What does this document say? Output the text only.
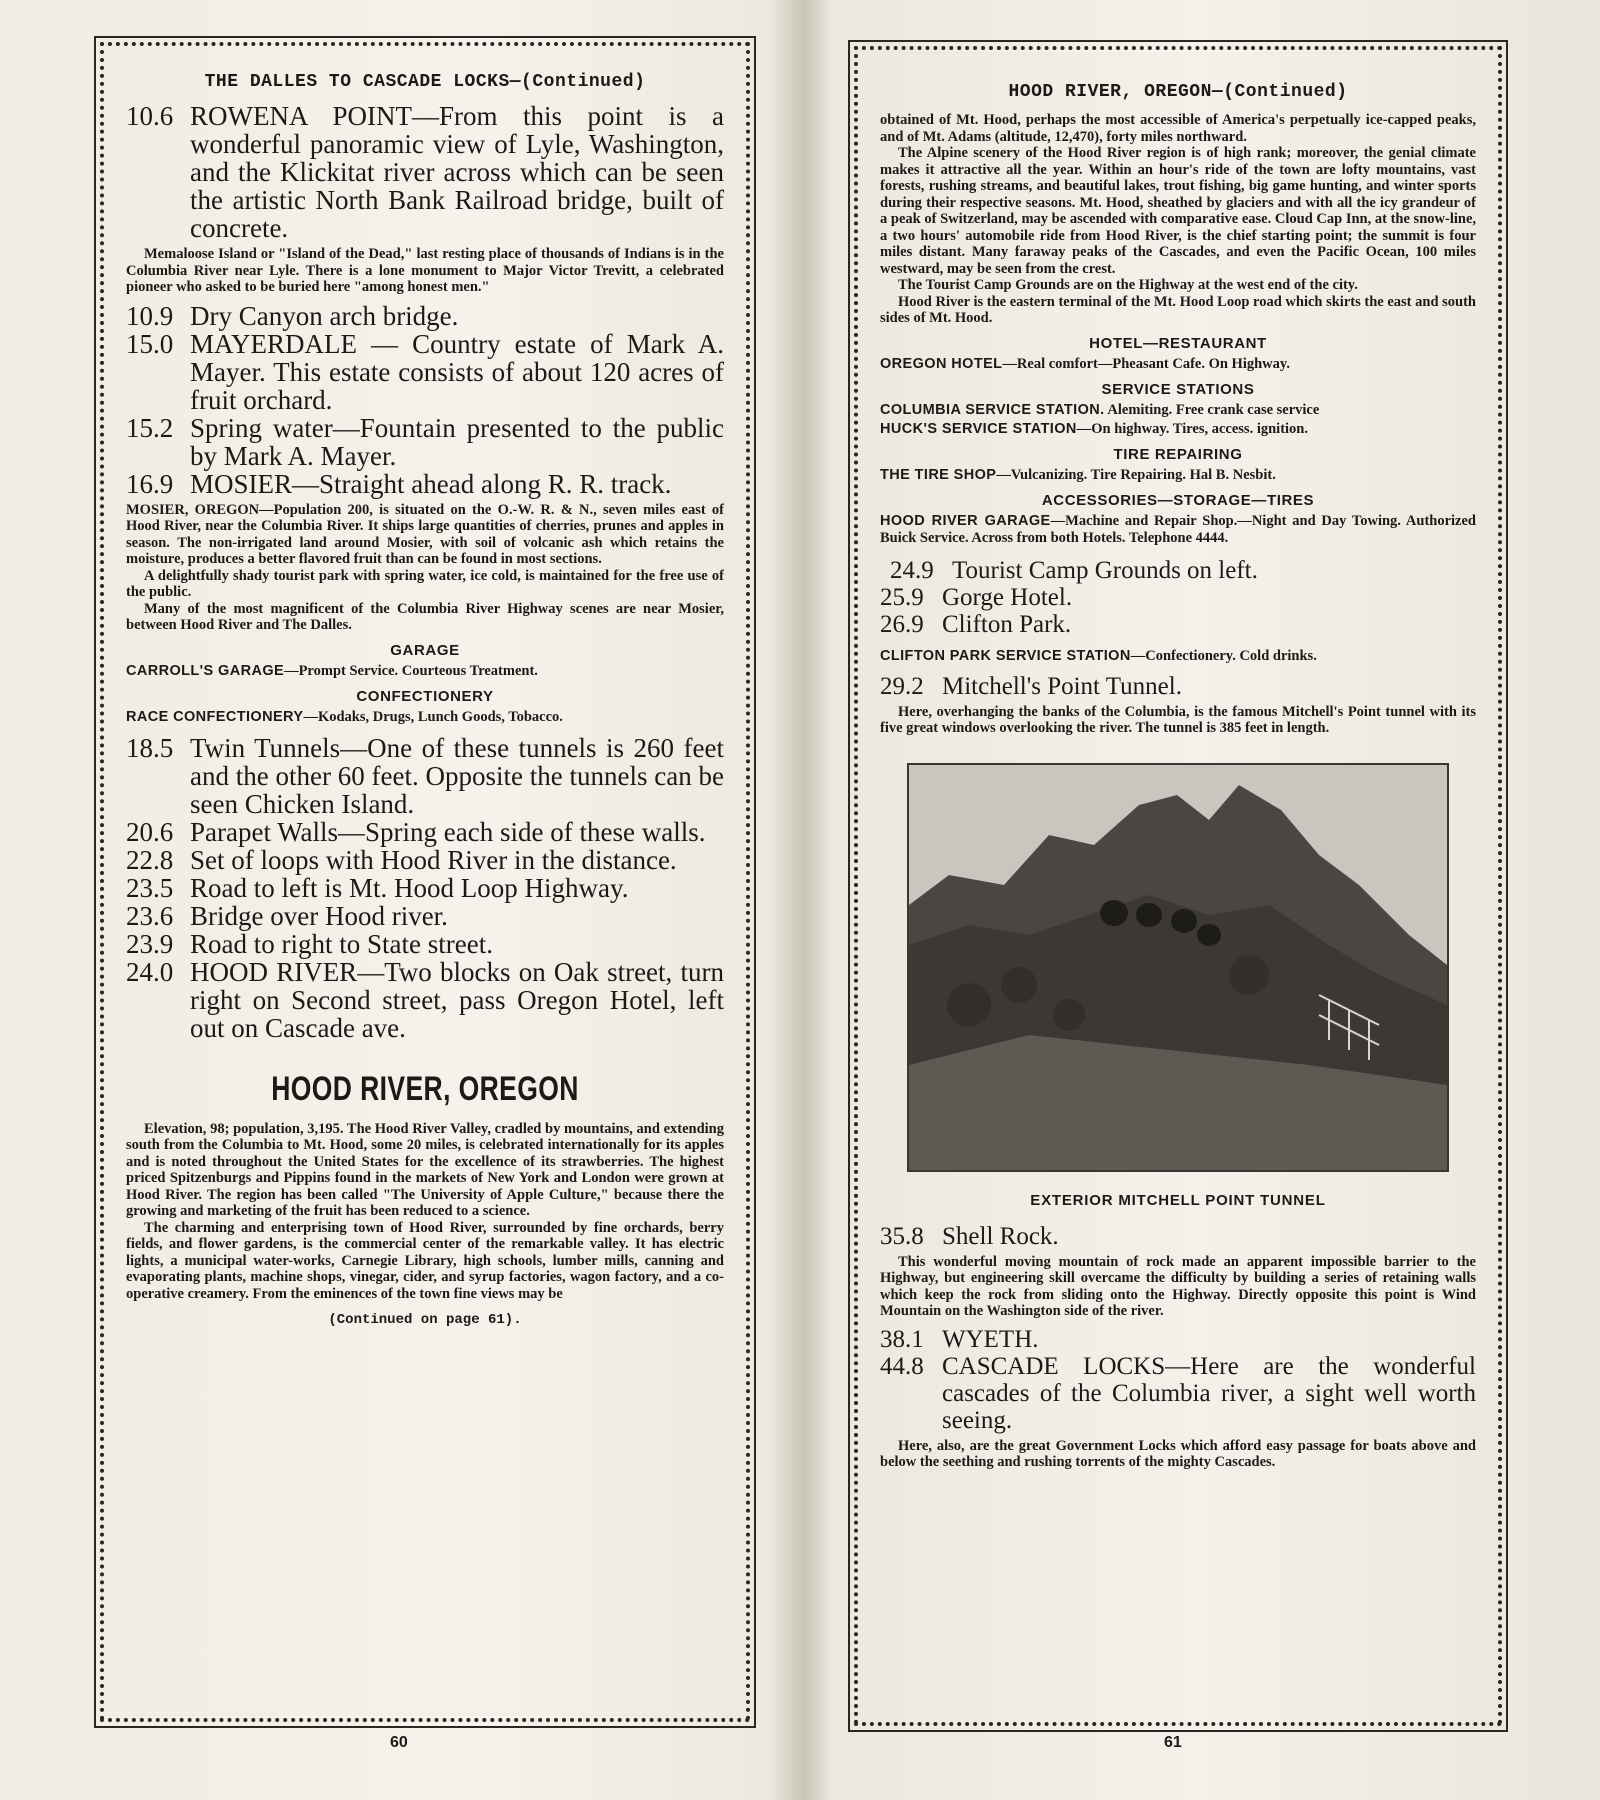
THE DALLES TO CASCADE LOCKS—(Continued)
10.6 ROWENA POINT—From this point is a wonderful panoramic view of Lyle, Washington, and the Klickitat river across which can be seen the artistic North Bank Railroad bridge, built of concrete.
Memaloose Island or "Island of the Dead," last resting place of thousands of Indians is in the Columbia River near Lyle. There is a lone monument to Major Victor Trevitt, a celebrated pioneer who asked to be buried here "among honest men."
10.9 Dry Canyon arch bridge.
15.0 MAYERDALE — Country estate of Mark A. Mayer. This estate consists of about 120 acres of fruit orchard.
15.2 Spring water—Fountain presented to the public by Mark A. Mayer.
16.9 MOSIER—Straight ahead along R. R. track.

MOSIER, OREGON—Population 200, is situated on the O.-W. R. & N., seven miles east of Hood River, near the Columbia River. It ships large quantities of cherries, prunes and apples in season. The non-irrigated land around Mosier, with soil of volcanic ash which retains the moisture, produces a better flavored fruit than can be found in most sections.

A delightfully shady tourist park with spring water, ice cold, is maintained for the free use of the public.

Many of the most magnificent of the Columbia River Highway scenes are near Mosier, between Hood River and The Dalles.

GARAGE
CARROLL'S GARAGE—Prompt Service. Courteous Treatment.
CONFECTIONERY
RACE CONFECTIONERY—Kodaks, Drugs, Lunch Goods, Tobacco.
18.5 Twin Tunnels—One of these tunnels is 260 feet and the other 60 feet. Opposite the tunnels can be seen Chicken Island.
20.6 Parapet Walls—Spring each side of these walls.
22.8 Set of loops with Hood River in the distance.
23.5 Road to left is Mt. Hood Loop Highway.
23.6 Bridge over Hood river.
23.9 Road to right to State street.
24.0 HOOD RIVER—Two blocks on Oak street, turn right on Second street, pass Oregon Hotel, left out on Cascade ave.
HOOD RIVER, OREGON

Elevation, 98; population, 3,195. The Hood River Valley, cradled by mountains, and extending south from the Columbia to Mt. Hood, some 20 miles, is celebrated internationally for its apples and is noted throughout the United States for the excellence of its strawberries. The highest priced Spitzenburgs and Pippins found in the markets of New York and London were grown at Hood River. The region has been called "The University of Apple Culture," because there the growing and marketing of the fruit has been reduced to a science.

The charming and enterprising town of Hood River, surrounded by fine orchards, berry fields, and flower gardens, is the commercial center of the remarkable valley. It has electric lights, a municipal water-works, Carnegie Library, high schools, lumber mills, canning and evaporating plants, machine shops, vinegar, cider, and syrup factories, wagon factory, and a co-operative creamery. From the eminences of the town fine views may be

(Continued on page 61).
60
HOOD RIVER, OREGON—(Continued)

obtained of Mt. Hood, perhaps the most accessible of America's perpetually ice-capped peaks, and of Mt. Adams (altitude, 12,470), forty miles northward.

The Alpine scenery of the Hood River region is of high rank; moreover, the genial climate makes it attractive all the year. Within an hour's ride of the town are lofty mountains, vast forests, rushing streams, and beautiful lakes, trout fishing, big game hunting, and winter sports during their respective seasons. Mt. Hood, sheathed by glaciers and with all the icy grandeur of a peak of Switzerland, may be ascended with comparative ease. Cloud Cap Inn, at the snow-line, a two hours' automobile ride from Hood River, is the chief starting point; the summit is four miles distant. Many faraway peaks of the Cascades, and even the Pacific Ocean, 100 miles westward, may be seen from the crest.

The Tourist Camp Grounds are on the Highway at the west end of the city.

Hood River is the eastern terminal of the Mt. Hood Loop road which skirts the east and south sides of Mt. Hood.

HOTEL—RESTAURANT
OREGON HOTEL—Real comfort—Pheasant Cafe. On Highway.
SERVICE STATIONS
COLUMBIA SERVICE STATION. Alemiting. Free crank case service
HUCK'S SERVICE STATION—On highway. Tires, access. ignition.
TIRE REPAIRING
THE TIRE SHOP—Vulcanizing. Tire Repairing. Hal B. Nesbit.
ACCESSORIES—STORAGE—TIRES
HOOD RIVER GARAGE—Machine and Repair Shop.—Night and Day Towing. Authorized Buick Service. Across from both Hotels. Telephone 4444.
24.9 Tourist Camp Grounds on left.
25.9 Gorge Hotel.
26.9 Clifton Park.
CLIFTON PARK SERVICE STATION—Confectionery. Cold drinks.
29.2 Mitchell's Point Tunnel.
Here, overhanging the banks of the Columbia, is the famous Mitchell's Point tunnel with its five great windows overlooking the river. The tunnel is 385 feet in length.
EXTERIOR MITCHELL POINT TUNNEL
35.8 Shell Rock.
This wonderful moving mountain of rock made an apparent impossible barrier to the Highway, but engineering skill overcame the difficulty by building a series of retaining walls which keep the rock from sliding onto the Highway. Directly opposite this point is Wind Mountain on the Washington side of the river.
38.1 WYETH.
44.8 CASCADE LOCKS—Here are the wonderful cascades of the Columbia river, a sight well worth seeing.
Here, also, are the great Government Locks which afford easy passage for boats above and below the seething and rushing torrents of the mighty Cascades.
61
